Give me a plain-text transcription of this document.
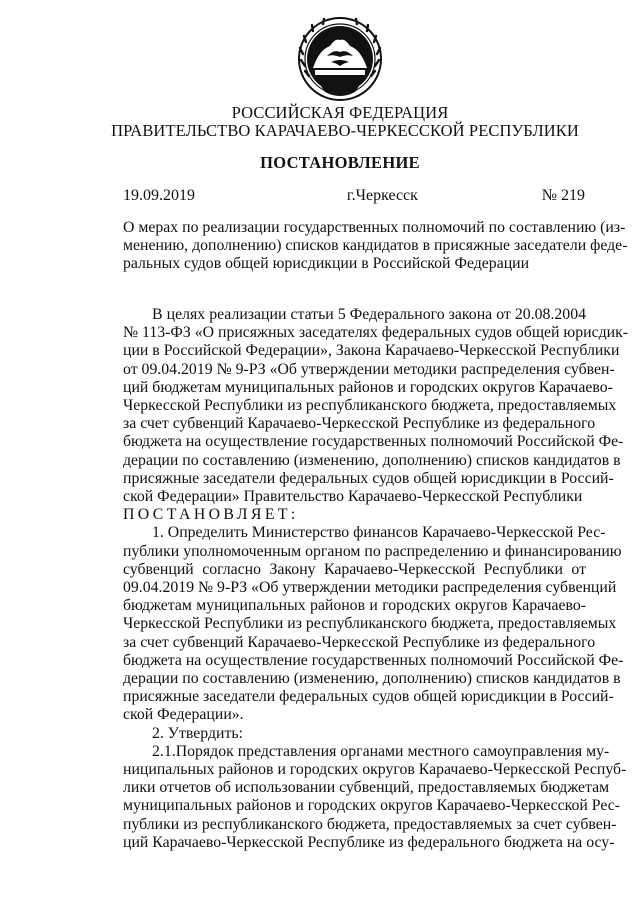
РОССИЙСКАЯ ФЕДЕРАЦИЯ
ПРАВИТЕЛЬСТВО КАРАЧАЕВО-ЧЕРКЕССКОЙ РЕСПУБЛИКИ
ПОСТАНОВЛЕНИЕ
19.09.2019	г.Черкесск	№ 219
О мерах по реализации государственных полномочий по составлению (из-
менению, дополнению) списков кандидатов в присяжные заседатели феде-
ральных судов общей юрисдикции в Российской Федерации
В целях реализации статьи 5 Федерального закона от 20.08.2004
№ 113-ФЗ «О присяжных заседателях федеральных судов общей юрисдик-
ции в Российской Федерации», Закона Карачаево-Черкесской Республики
от 09.04.2019 № 9-РЗ «Об утверждении методики распределения субвен-
ций бюджетам муниципальных районов и городских округов Карачаево-
Черкесской Республики из республиканского бюджета, предоставляемых
за счет субвенций Карачаево-Черкесской Республике из федерального
бюджета на осуществление государственных полномочий Российской Фе-
дерации по составлению (изменению, дополнению) списков кандидатов в
присяжные заседатели федеральных судов общей юрисдикции в Россий-
ской Федерации» Правительство Карачаево-Черкесской Республики
ПОСТАНОВЛЯЕТ:
1. Определить Министерство финансов Карачаево-Черкесской Рес-
публики уполномоченным органом по распределению и финансированию
субвенций согласно Закону Карачаево-Черкесской Республики от
09.04.2019 № 9-РЗ «Об утверждении методики распределения субвенций
бюджетам муниципальных районов и городских округов Карачаево-
Черкесской Республики из республиканского бюджета, предоставляемых
за счет субвенций Карачаево-Черкесской Республике из федерального
бюджета на осуществление государственных полномочий Российской Фе-
дерации по составлению (изменению, дополнению) списков кандидатов в
присяжные заседатели федеральных судов общей юрисдикции в Россий-
ской Федерации».
2. Утвердить:
2.1.Порядок представления органами местного самоуправления му-
ниципальных районов и городских округов Карачаево-Черкесской Респуб-
лики отчетов об использовании субвенций, предоставляемых бюджетам
муниципальных районов и городских округов Карачаево-Черкесской Рес-
публики из республиканского бюджета, предоставляемых за счет субвен-
ций Карачаево-Черкесской Республике из федерального бюджета на осу-
